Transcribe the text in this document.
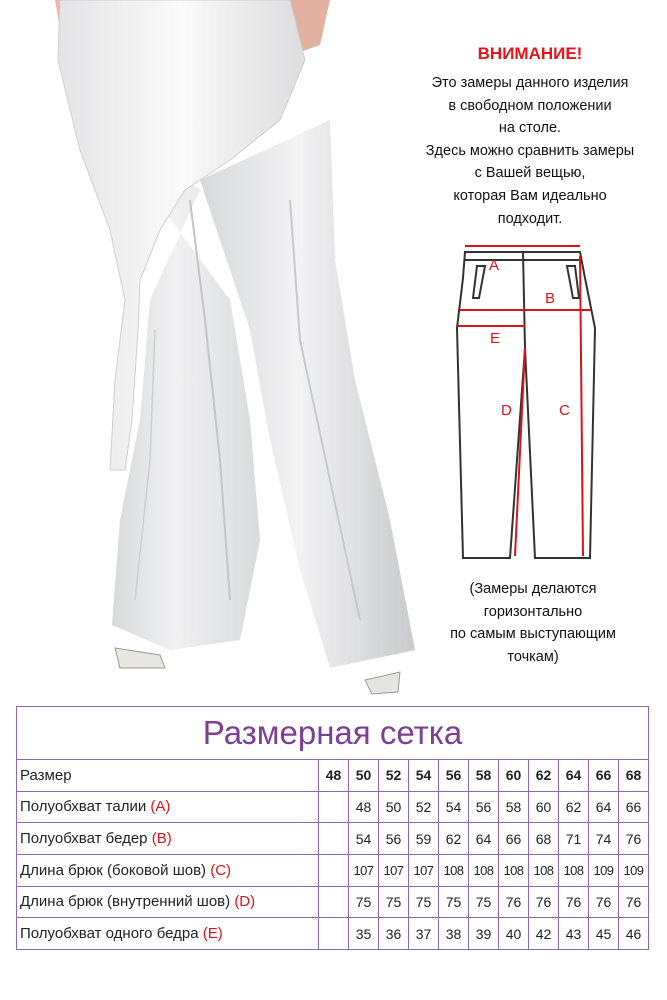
ВНИМАНИЕ!

Это замеры данного изделия
в свободном положении
на столе.
Здесь можно сравнить замеры
с Вашей вещью,
которая Вам идеально
подходит.

A
B
E
D	C

(Замеры делаются
горизонтально
по самым выступающим
точкам)

Размерная сетка											
Размер	48	50	52	54	56	58	60	62	64	66	68
Полуобхват талии (A)		48	50	52	54	56	58	60	62	64	66
Полуобхват бедер (B)		54	56	59	62	64	66	68	71	74	76
Длина брюк (боковой шов) (C)		107	107	107	108	108	108	108	108	109	109
Длина брюк (внутренний шов) (D)		75	75	75	75	75	76	76	76	76	76
Полуобхват одного бедра (E)		35	36	37	38	39	40	42	43	45	46
